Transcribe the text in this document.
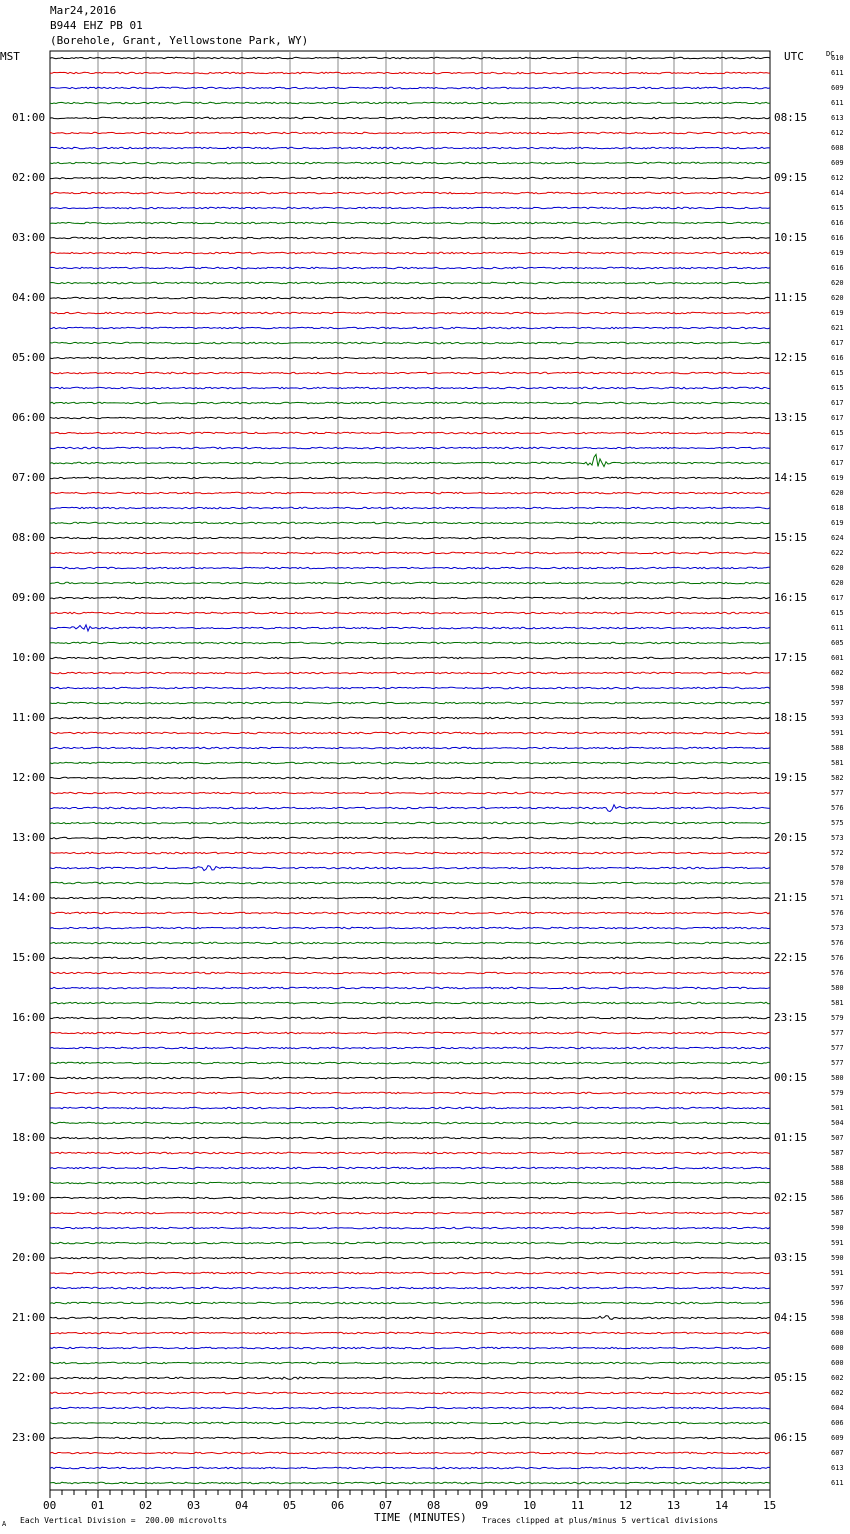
Mar24,2016
B944 EHZ PB 01
(Borehole, Grant, Yellowstone Park, WY)
MST	UTC	DC
610
611
609
611
613
612
608
609
612
614
615
616
616
619
616
620
620
619
621
617
616
615
615
617
617
615
617
617
619
620
618
619
624
622
620
620
617
615
611
605
601
602
598
597
593
591
588
581
582
577
576
575
573
572
570
570
571
576
573
576
576
576
580
581
579
577
577
577
580
579
501
504
507
587
588
588
586
587
590
591
590
591
597
596
598
600
600
600
602
602
604
606
609
607
613
611
01:00	08:15
02:00	09:15
03:00	10:15
04:00	11:15
05:00	12:15
06:00	13:15
07:00	14:15
08:00	15:15
09:00	16:15
10:00	17:15
11:00	18:15
12:00	19:15
13:00	20:15
14:00	21:15
15:00	22:15
16:00	23:15
17:00	00:15
18:00	01:15
19:00	02:15
20:00	03:15
21:00	04:15
22:00	05:15
23:00	06:15
00	01	02	03	04	05	06	07	08	09	10	11	12	13	14	15
TIME (MINUTES)
Each Vertical Division =  200.00 microvolts	Traces clipped at plus/minus 5 vertical divisions
A
